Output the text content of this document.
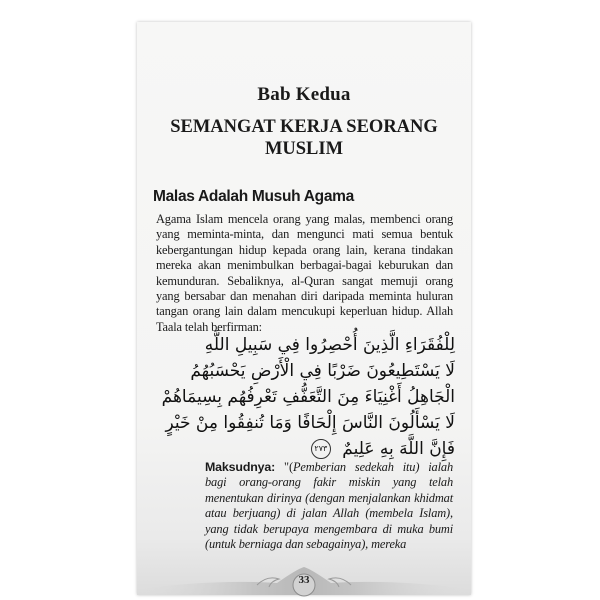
Bab Kedua
SEMANGAT KERJA SEORANG
MUSLIM
Malas Adalah Musuh Agama
Agama Islam mencela orang yang malas, membenci orang yang meminta-minta, dan mengunci mati semua bentuk kebergantungan hidup kepada orang lain, kerana tindakan mereka akan menimbulkan berbagai-bagai keburukan dan kemunduran. Sebaliknya, al-Quran sangat memuji orang yang bersabar dan menahan diri daripada meminta huluran tangan orang lain dalam mencukupi keperluan hidup. Allah Taala telah berfirman:
لِلْفُقَرَاءِ الَّذِينَ أُحْصِرُوا فِي سَبِيلِ اللَّهِ
لَا يَسْتَطِيعُونَ ضَرْبًا فِي الْأَرْضِ يَحْسَبُهُمُ
الْجَاهِلُ أَغْنِيَاءَ مِنَ التَّعَفُّفِ تَعْرِفُهُم بِسِيمَاهُمْ
لَا يَسْأَلُونَ النَّاسَ إِلْحَافًا وَمَا تُنفِقُوا مِنْ خَيْرٍ
فَإِنَّ اللَّهَ بِهِ عَلِيمٌ ٢٧٣
Maksudnya: "(Pemberian sedekah itu) ialah bagi orang-orang fakir miskin yang telah menentukan dirinya (dengan menjalankan khidmat atau berjuang) di jalan Allah (membela Islam), yang tidak berupaya mengembara di muka bumi (untuk berniaga dan sebagainya), mereka
33
